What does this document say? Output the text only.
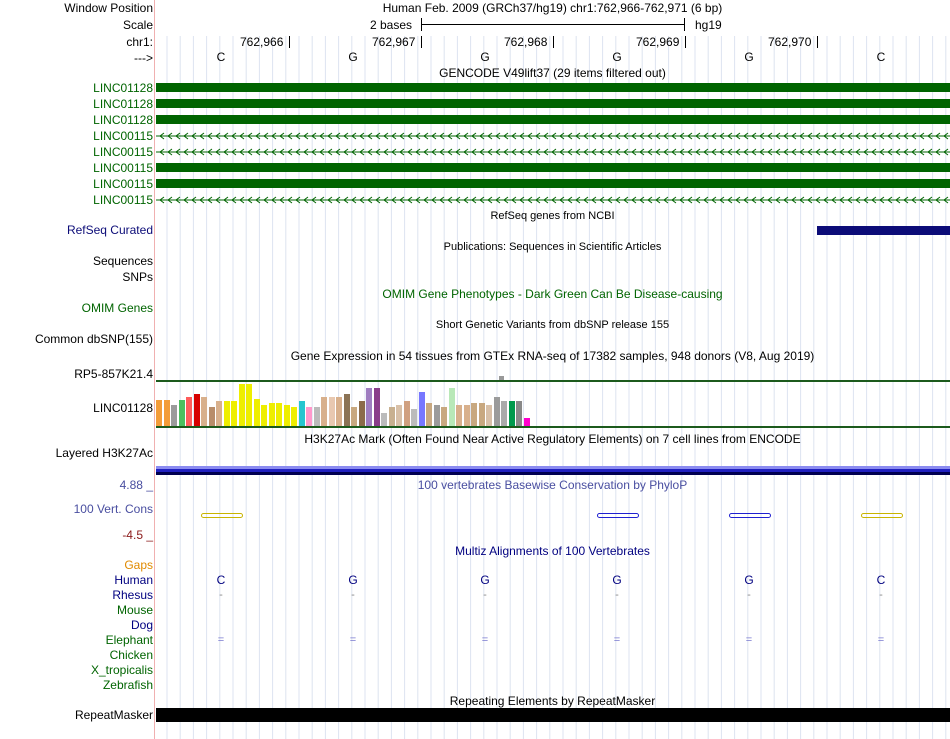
Window Position
Scale
chr1:
--->
Human Feb. 2009 (GRCh37/hg19) chr1:762,966-762,971 (6 bp)
2 bases	hg19
762,966	762,967	762,968	762,969	762,970
C	G	G	G	G	C
GENCODE V49lift37 (29 items filtered out)
LINC01128
LINC01128
LINC01128
LINC00115
LINC00115
LINC00115
LINC00115
LINC00115
RefSeq genes from NCBI
RefSeq Curated
Publications: Sequences in Scientific Articles
Sequences
SNPs
OMIM Gene Phenotypes - Dark Green Can Be Disease-causing
OMIM Genes
Short Genetic Variants from dbSNP release 155
Common dbSNP(155)
Gene Expression in 54 tissues from GTEx RNA-seq of 17382 samples, 948 donors (V8, Aug 2019)
RP5-857K21.4
LINC01128
H3K27Ac Mark (Often Found Near Active Regulatory Elements) on 7 cell lines from ENCODE
Layered H3K27Ac
4.88 _	100 vertebrates Basewise Conservation by PhyloP
100 Vert. Cons
-4.5 _
Multiz Alignments of 100 Vertebrates
Gaps
Human	C	G	G	G	G	C
Rhesus	-	-	-	-	-	-
Mouse
Dog
Elephant	=	=	=	=	=	=
Chicken
X_tropicalis
Zebrafish
Repeating Elements by RepeatMasker
RepeatMasker
